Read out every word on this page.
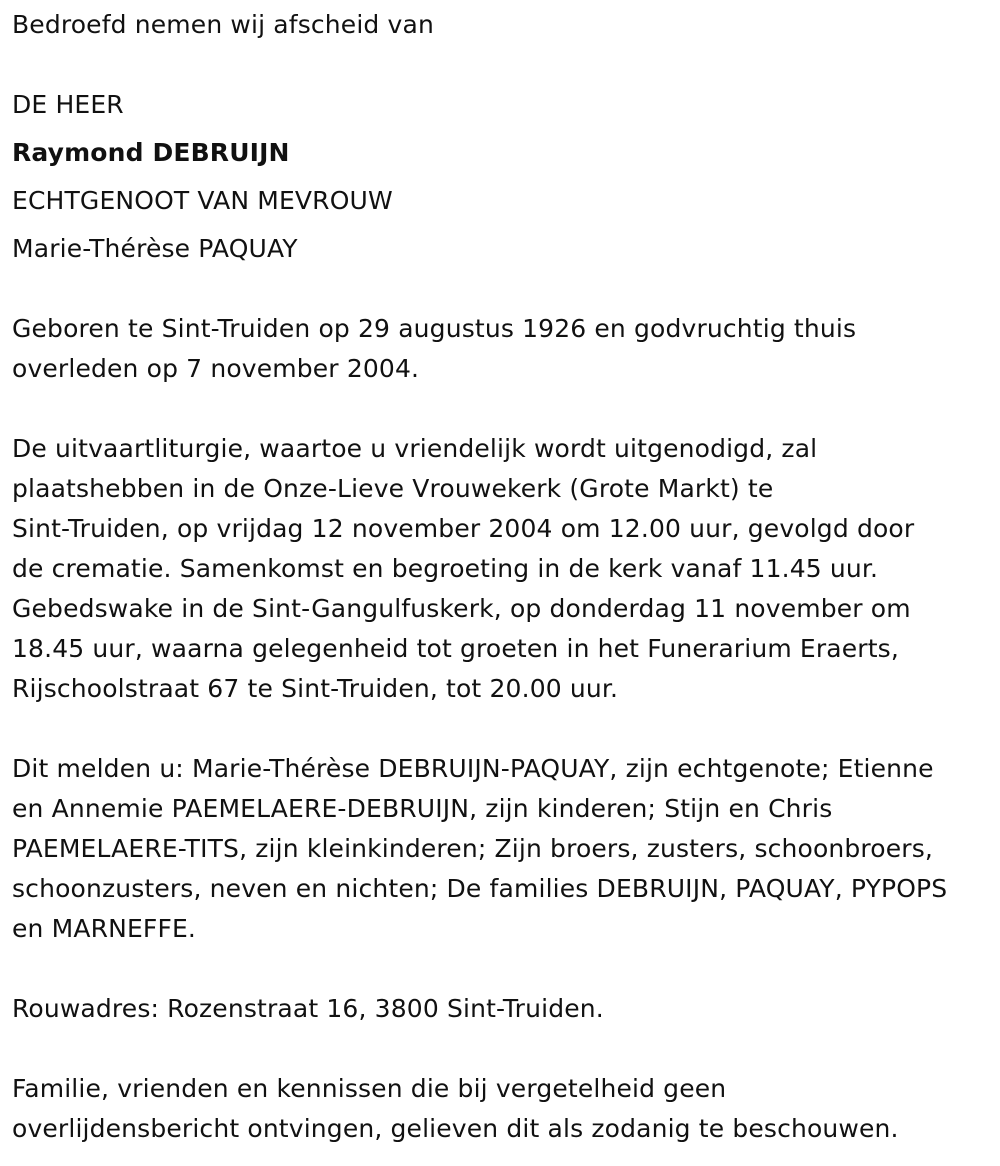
Bedroefd nemen wij afscheid van
DE HEER
Raymond DEBRUIJN
ECHTGENOOT VAN MEVROUW
Marie-Thérèse PAQUAY
Geboren te Sint-Truiden op 29 augustus 1926 en godvruchtig thuis
overleden op 7 november 2004.
De uitvaartliturgie, waartoe u vriendelijk wordt uitgenodigd, zal
plaatshebben in de Onze-Lieve Vrouwekerk (Grote Markt) te
Sint-Truiden, op vrijdag 12 november 2004 om 12.00 uur, gevolgd door
de crematie. Samenkomst en begroeting in de kerk vanaf 11.45 uur.
Gebedswake in de Sint-Gangulfuskerk, op donderdag 11 november om
18.45 uur, waarna gelegenheid tot groeten in het Funerarium Eraerts,
Rijschoolstraat 67 te Sint-Truiden, tot 20.00 uur.
Dit melden u: Marie-Thérèse DEBRUIJN-PAQUAY, zijn echtgenote; Etienne
en Annemie PAEMELAERE-DEBRUIJN, zijn kinderen; Stijn en Chris
PAEMELAERE-TITS, zijn kleinkinderen; Zijn broers, zusters, schoonbroers,
schoonzusters, neven en nichten; De families DEBRUIJN, PAQUAY, PYPOPS
en MARNEFFE.
Rouwadres: Rozenstraat 16, 3800 Sint-Truiden.
Familie, vrienden en kennissen die bij vergetelheid geen
overlijdensbericht ontvingen, gelieven dit als zodanig te beschouwen.
